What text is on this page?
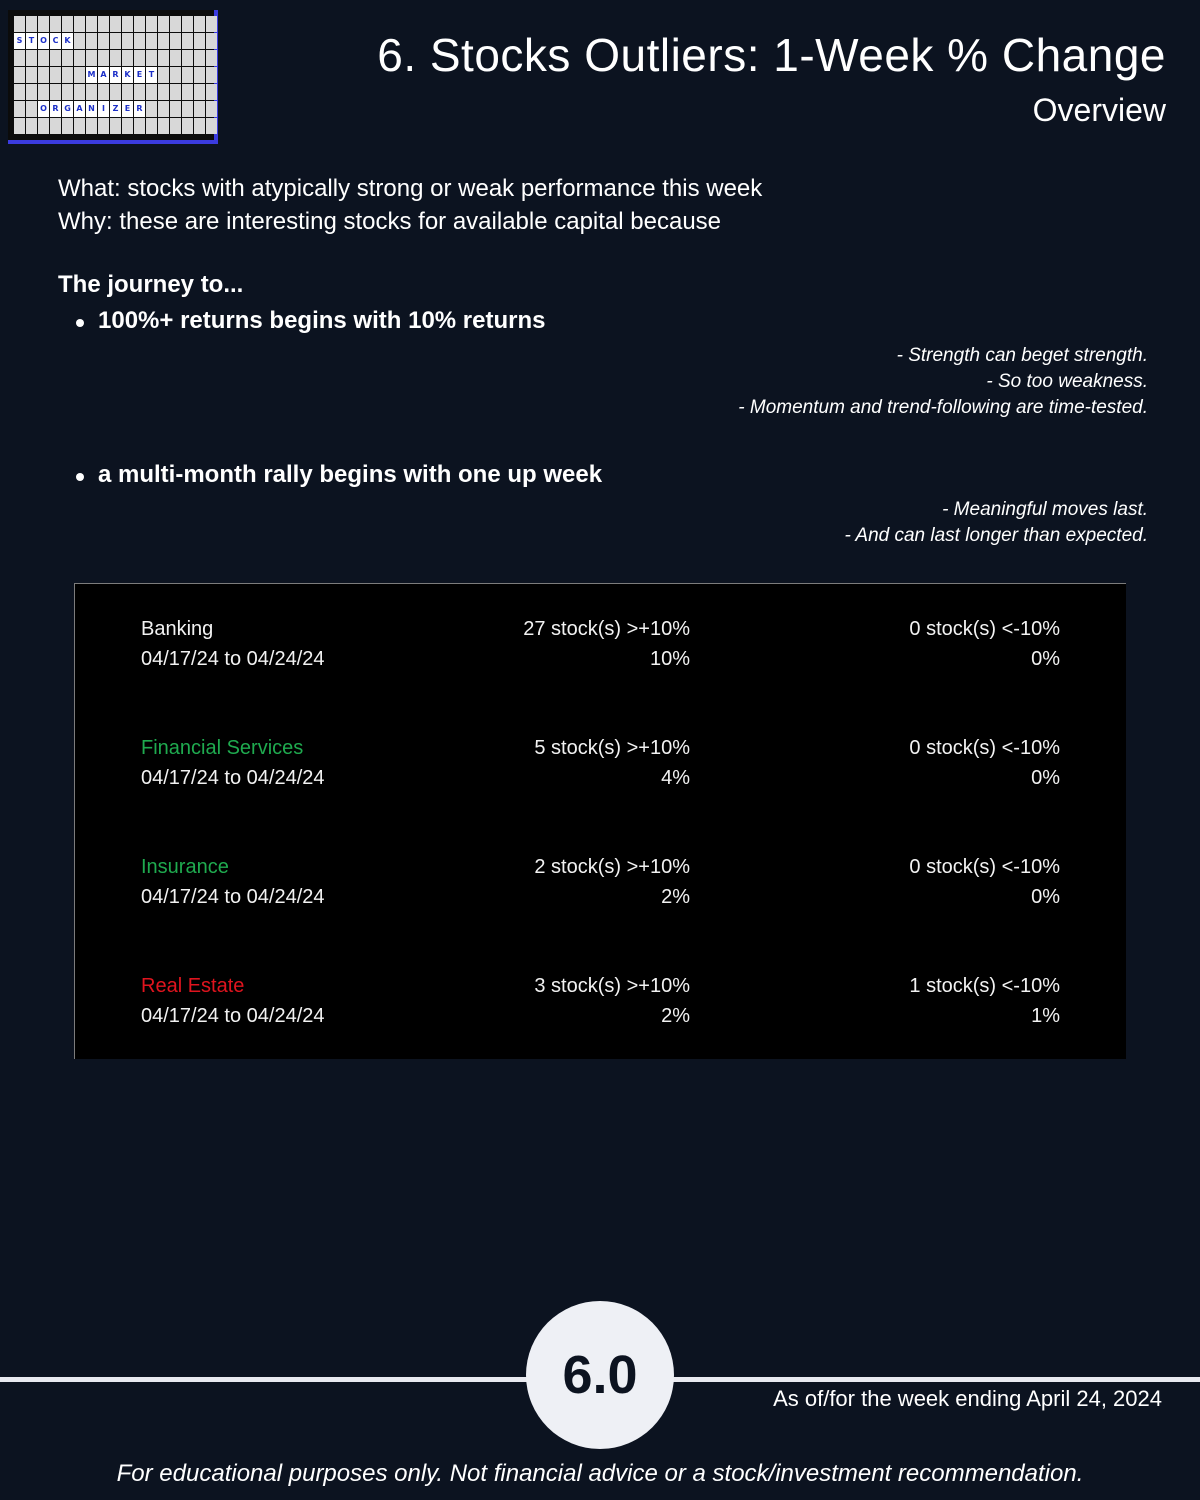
S T O C K
M A R K E T
O R G A N I Z E R
6. Stocks Outliers: 1-Week % Change
Overview

What: stocks with atypically strong or weak performance this week

Why: these are interesting stocks for available capital because

The journey to...
100%+ returns begins with 10% returns
- Strength can beget strength.
- So too weakness.
- Momentum and trend-following are time-tested.
a multi-month rally begins with one up week
- Meaningful moves last.
- And can last longer than expected.
Banking
04/17/24 to 04/24/24
27 stock(s) >+10%
10%
0 stock(s) <-10%
0%
Financial Services
04/17/24 to 04/24/24
5 stock(s) >+10%
4%
0 stock(s) <-10%
0%
Insurance
04/17/24 to 04/24/24
2 stock(s) >+10%
2%
0 stock(s) <-10%
0%
Real Estate
04/17/24 to 04/24/24
3 stock(s) >+10%
2%
1 stock(s) <-10%
1%
6.0	As of/for the week ending April 24, 2024
For educational purposes only. Not financial advice or a stock/investment recommendation.
